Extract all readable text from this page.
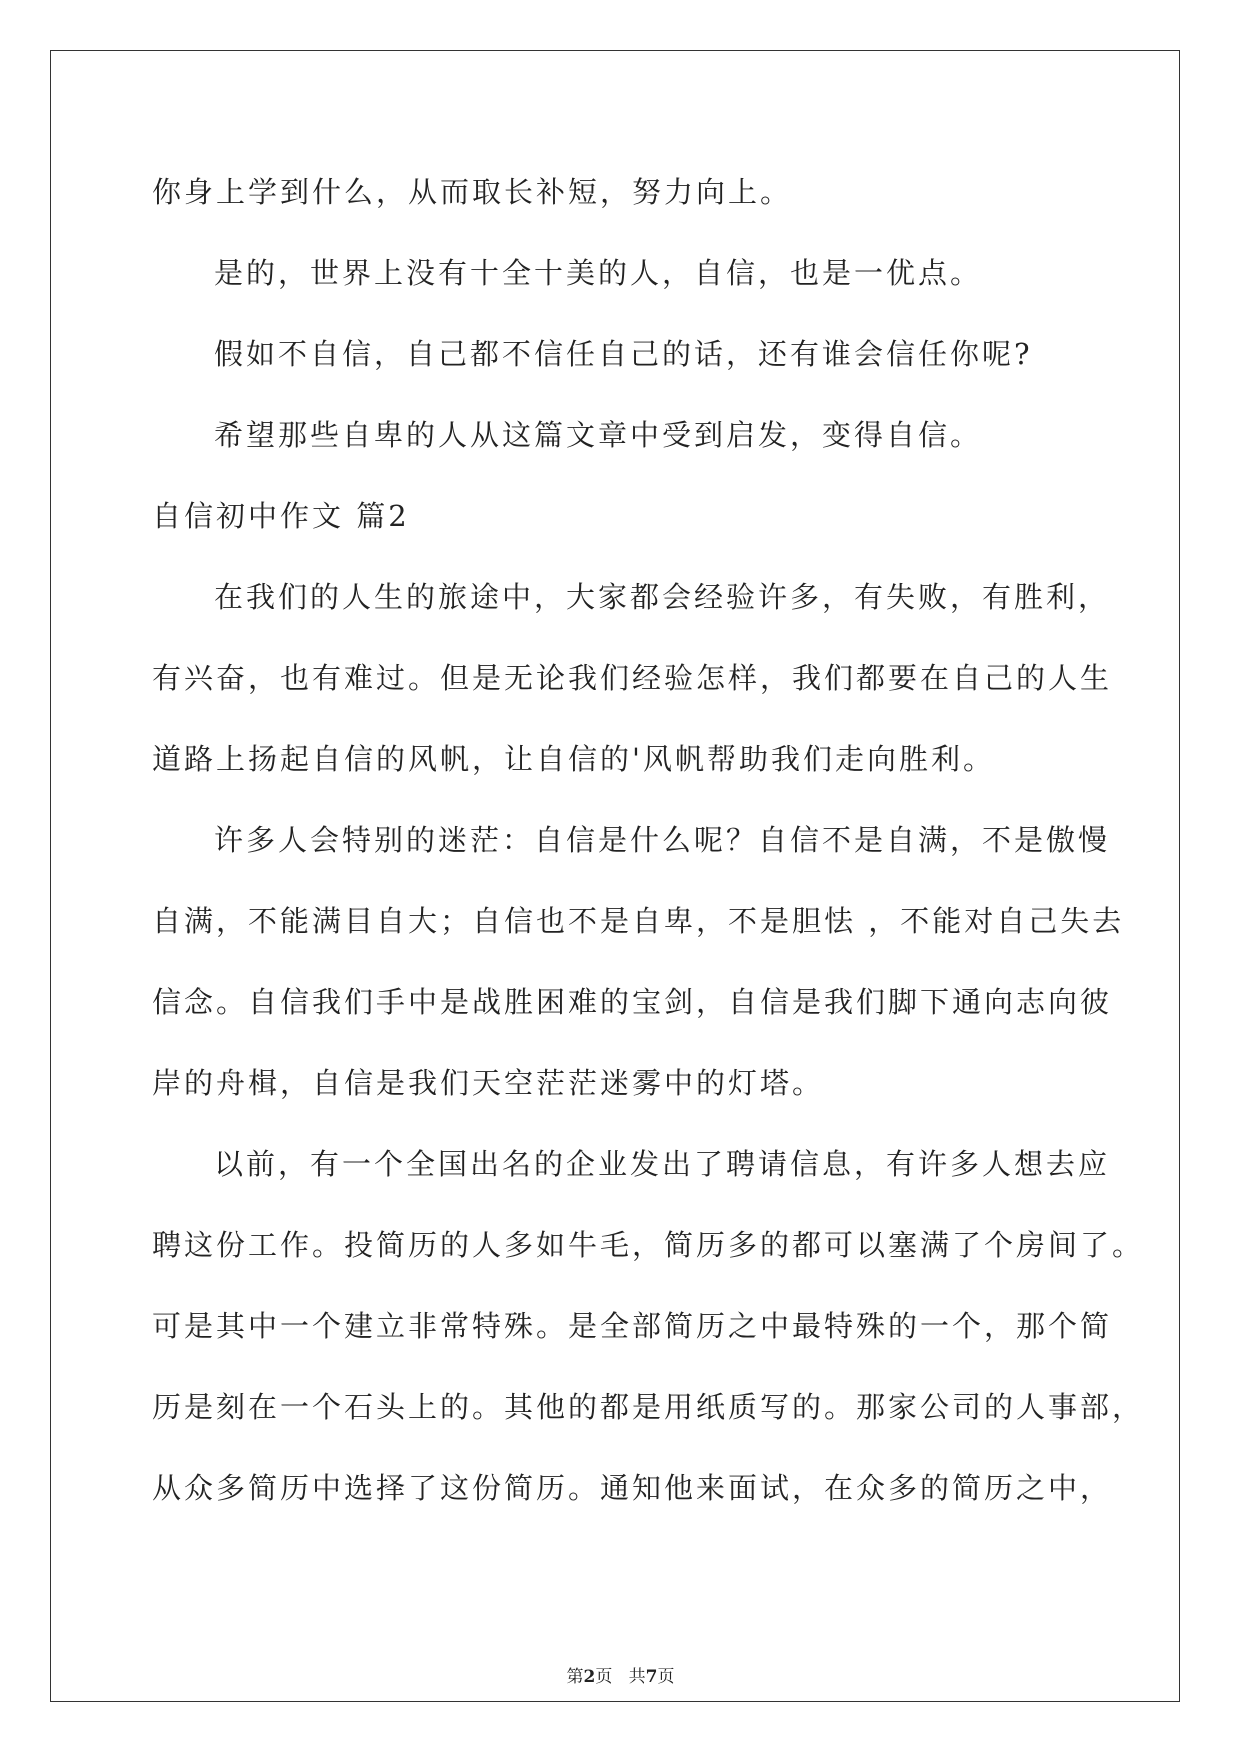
你身上学到什么，从而取长补短，努力向上。
是的，世界上没有十全十美的人，自信，也是一优点。
假如不自信，自己都不信任自己的话，还有谁会信任你呢?
希望那些自卑的人从这篇文章中受到启发，变得自信。
自信初中作文 篇2
在我们的人生的旅途中，大家都会经验许多，有失败，有胜利，
有兴奋，也有难过。但是无论我们经验怎样，我们都要在自己的人生
道路上扬起自信的风帆，让自信的'风帆帮助我们走向胜利。
许多人会特别的迷茫：自信是什么呢？自信不是自满，不是傲慢
自满，不能满目自大；自信也不是自卑，不是胆怯 ，不能对自己失去
信念。自信我们手中是战胜困难的宝剑，自信是我们脚下通向志向彼
岸的舟楫，自信是我们天空茫茫迷雾中的灯塔。
以前，有一个全国出名的企业发出了聘请信息，有许多人想去应
聘这份工作。投简历的人多如牛毛，简历多的都可以塞满了个房间了。
可是其中一个建立非常特殊。是全部简历之中最特殊的一个，那个简
历是刻在一个石头上的。其他的都是用纸质写的。那家公司的人事部，
从众多简历中选择了这份简历。通知他来面试，在众多的简历之中，
第2页   共7页
